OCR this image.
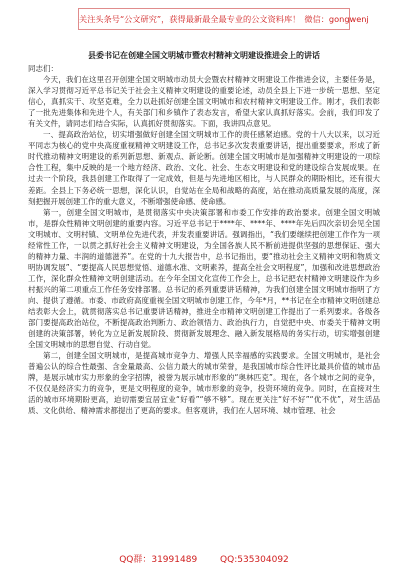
关注头条号“公文研究”，获得最新最全最专业的公文资料库！ 微信：gongwenj
县委书记在创建全国文明城市暨农村精神文明建设推进会上的讲话

同志们：

今天，我们在这里召开创建全国文明城市动员大会暨农村精神文明建设工作推进会议，主要任务是，深入学习贯彻习近平总书记关于社会主义精神文明建设的重要论述，动员全县上下进一步统一思想、坚定信心，真抓实干、攻坚克难，全力以赴抓好创建全国文明城市和农村精神文明建设工作。刚才，我们表彰了一批先进集体和先进个人，有关部门和乡镇作了表态发言，希望大家认真抓好落实。会前，我们印发了有关文件，请同志们结合实际，认真抓好贯彻落实。下面，我讲四点意见。

一、提高政治站位，切实增强做好创建全国文明城市工作的责任感紧迫感。党的十八大以来，以习近平同志为核心的党中央高度重视精神文明建设工作，总书记多次发表重要讲话，提出重要要求，形成了新时代推动精神文明建设的系列新思想、新观点、新论断。创建全国文明城市是加强精神文明建设的一项综合性工程，集中反映的是一个地方经济、政治、文化、社会、生态文明建设和党的建设综合发展成果。在过去一个阶段，我县创建工作取得了一定成效，但是与先进地区相比，与人民群众的期盼相比，还有很大差距。全县上下务必统一思想，深化认识，自觉站在全局和战略的高度，站在推动高质量发展的高度，深刻把握开展创建工作的重大意义，不断增强使命感、使命感。

第一，创建全国文明城市，是贯彻落实中央决策部署和市委工作安排的政治要求。创建全国文明城市，是群众性精神文明创建的重要内容。习近平总书记于****年、****年、****年先后四次亲切会见全国文明城市、文明村镇、文明单位先进代表，并发表重要讲话。强调指出，“我们要继续把创建工作作为一项经常性工作，一以贯之抓好社会主义精神文明建设，为全国各族人民不断前进提供坚强的思想保证、强大的精神力量、丰润的道德滋养”。在党的十九大报告中，总书记指出，要“推动社会主义精神文明和物质文明协调发展”、“要提高人民思想觉悟、道德水准、文明素养，提高全社会文明程度”，加强和改进思想政治工作，深化群众性精神文明创建活动。在今年全国文化宣传工作会上，总书记把农村精神文明建设作为乡村振兴的第二项重点工作任务安排部署。总书记的系列重要讲话精神，为我们创建全国文明城市指明了方向、提供了遵循。市委、市政府高度重视全国文明城市创建工作，今年*月，**书记在全市精神文明创建总结表彰大会上，就贯彻落实总书记重要讲话精神，推进全市精神文明创建工作提出了一系列要求。各级各部门要提高政治站位，不断提高政治判断力、政治领悟力、政治执行力，自觉把中央、市委关于精神文明创建的决策部署，转化为立足新发展阶段、贯彻新发展理念、融入新发展格局的务实行动，切实增强创建全国文明城市的思想自觉、行动自觉。

第二，创建全国文明城市，是提高城市竞争力、增强人民幸福感的实践要求。全国文明城市，是社会普遍公认的综合性最强、含金量最高、公信力最大的城市荣誉，是我国城市综合性评比最具价值的城市品牌，是展示城市实力形象的金字招牌，被誉为展示城市形象的“奥林匹克”。现在，各个城市之间的竞争，不仅仅是经济实力的竞争，更是文明程度的竞争，城市形象的竞争，投资环境的竞争。同时，在直接对生活的城市环境期盼更高，迫切需要宜居宜业“好看”“够不够”。现在更关注“好不好”“优不优”，对生活品质、文化供给、精神需求都提出了更高的要求。但客观讲，我们在人居环境、城市管理、社会

QQ群：31991489	QQ:535304092
